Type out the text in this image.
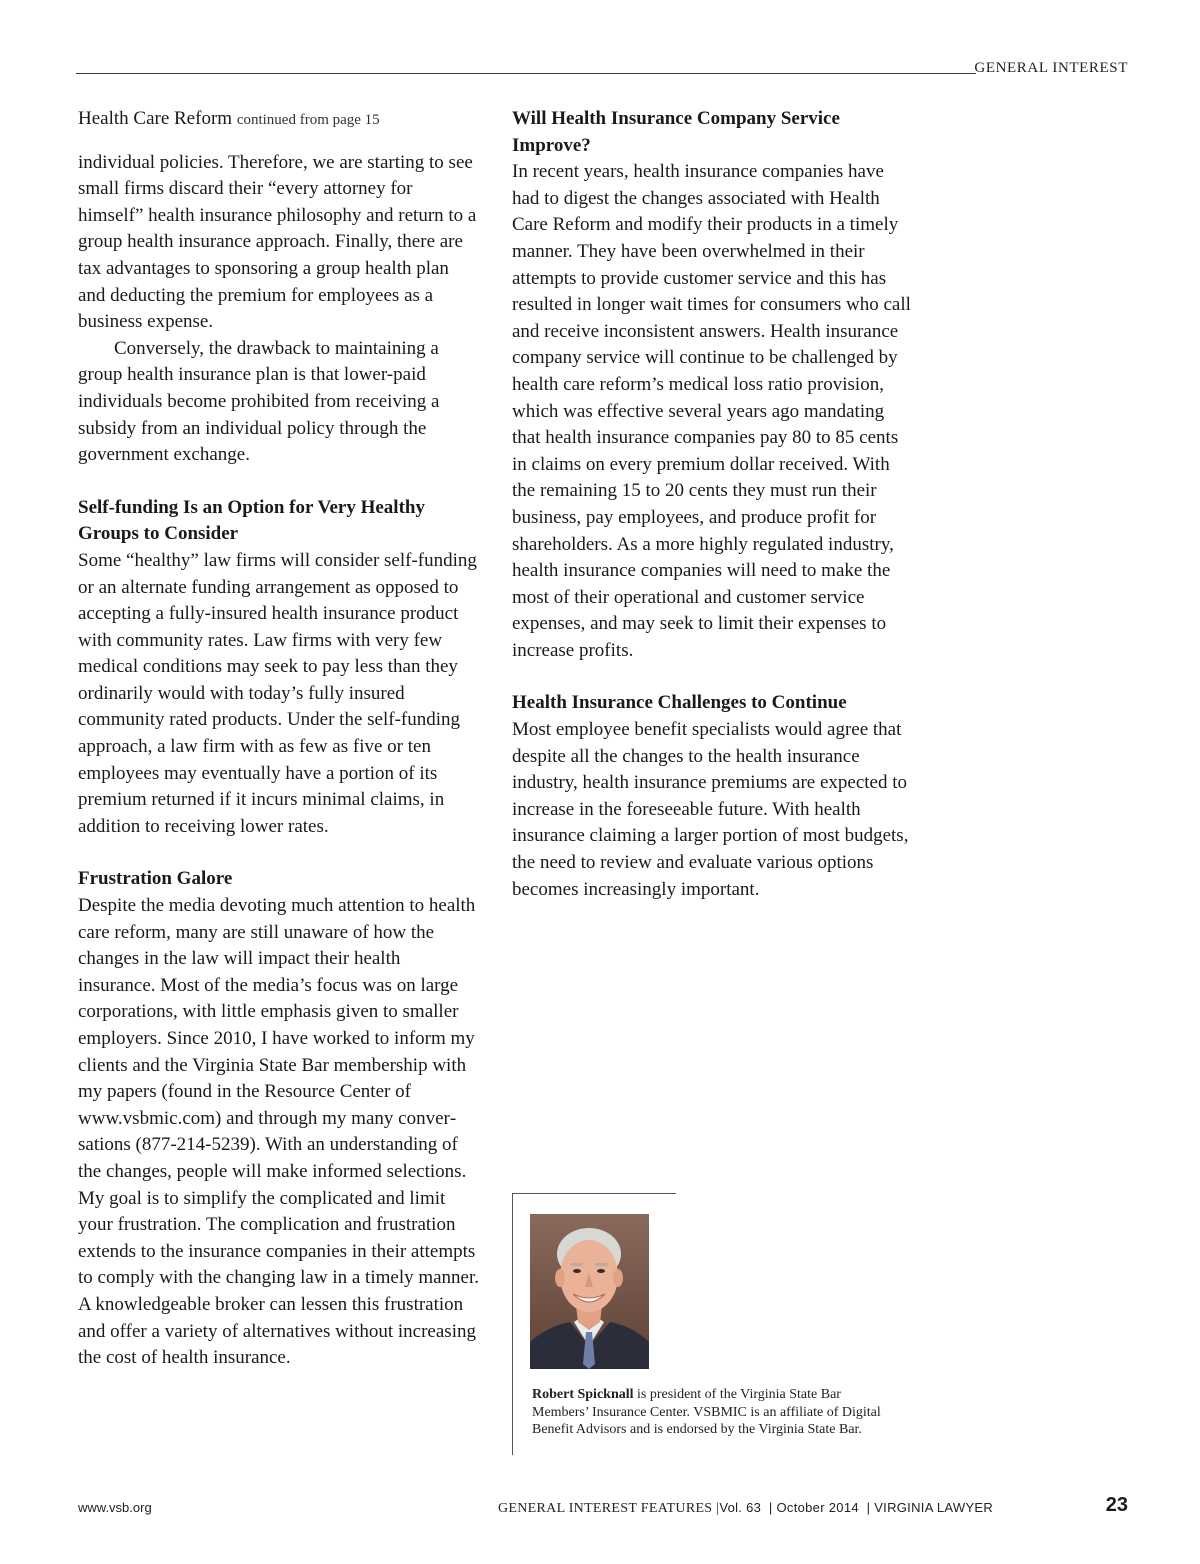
GENERAL INTEREST
Health Care Reform continued from page 15

individual policies. Therefore, we are starting to see small firms discard their “every attorney for himself” health insurance philosophy and return to a group health insurance approach. Finally, there are tax advantages to sponsoring a group health plan and deducting the premium for employees as a business expense.

Conversely, the drawback to maintaining a group health insurance plan is that lower-paid individuals become prohibited from receiving a subsidy from an individual policy through the government exchange.

Self-funding Is an Option for Very Healthy Groups to Consider

Some “healthy” law firms will consider self-funding or an alternate funding arrangement as opposed to accepting a fully-insured health insurance product with community rates. Law firms with very few medical conditions may seek to pay less than they ordinarily would with today’s fully insured community rated products. Under the self-funding approach, a law firm with as few as five or ten employees may eventually have a portion of its premium returned if it incurs minimal claims, in addition to receiving lower rates.

Frustration Galore

Despite the media devoting much attention to health care reform, many are still unaware of how the changes in the law will impact their health insurance. Most of the media’s focus was on large corporations, with little emphasis given to smaller employers. Since 2010, I have worked to inform my clients and the Virginia State Bar membership with my papers (found in the Resource Center of www.vsbmic.com) and through my many conversations (877-214-5239). With an understanding of the changes, people will make informed selections. My goal is to simplify the complicated and limit your frustration. The complication and frustration extends to the insurance companies in their attempts to comply with the changing law in a timely manner. A knowledgeable broker can lessen this frustration and offer a variety of alternatives without increasing the cost of health insurance.

Will Health Insurance Company Service Improve?

In recent years, health insurance companies have had to digest the changes associated with Health Care Reform and modify their products in a timely manner. They have been overwhelmed in their attempts to provide customer service and this has resulted in longer wait times for consumers who call and receive inconsistent answers. Health insurance company service will continue to be challenged by health care reform’s medical loss ratio provision, which was effective several years ago mandating that health insurance companies pay 80 to 85 cents in claims on every premium dollar received. With the remaining 15 to 20 cents they must run their business, pay employees, and produce profit for shareholders. As a more highly regulated industry, health insurance companies will need to make the most of their operational and customer service expenses, and may seek to limit their expenses to increase profits.

Health Insurance Challenges to Continue

Most employee benefit specialists would agree that despite all the changes to the health insurance industry, health insurance premiums are expected to increase in the foreseeable future. With health insurance claiming a larger portion of most budgets, the need to review and evaluate various options becomes increasingly important.

Robert Spicknall is president of the Virginia State Bar Members’ Insurance Center. VSBMIC is an affiliate of Digital Benefit Advisors and is endorsed by the Virginia State Bar.
www.vsb.org	GENERAL INTEREST FEATURES |Vol. 63  | October 2014  | VIRGINIA LAWYER	23
